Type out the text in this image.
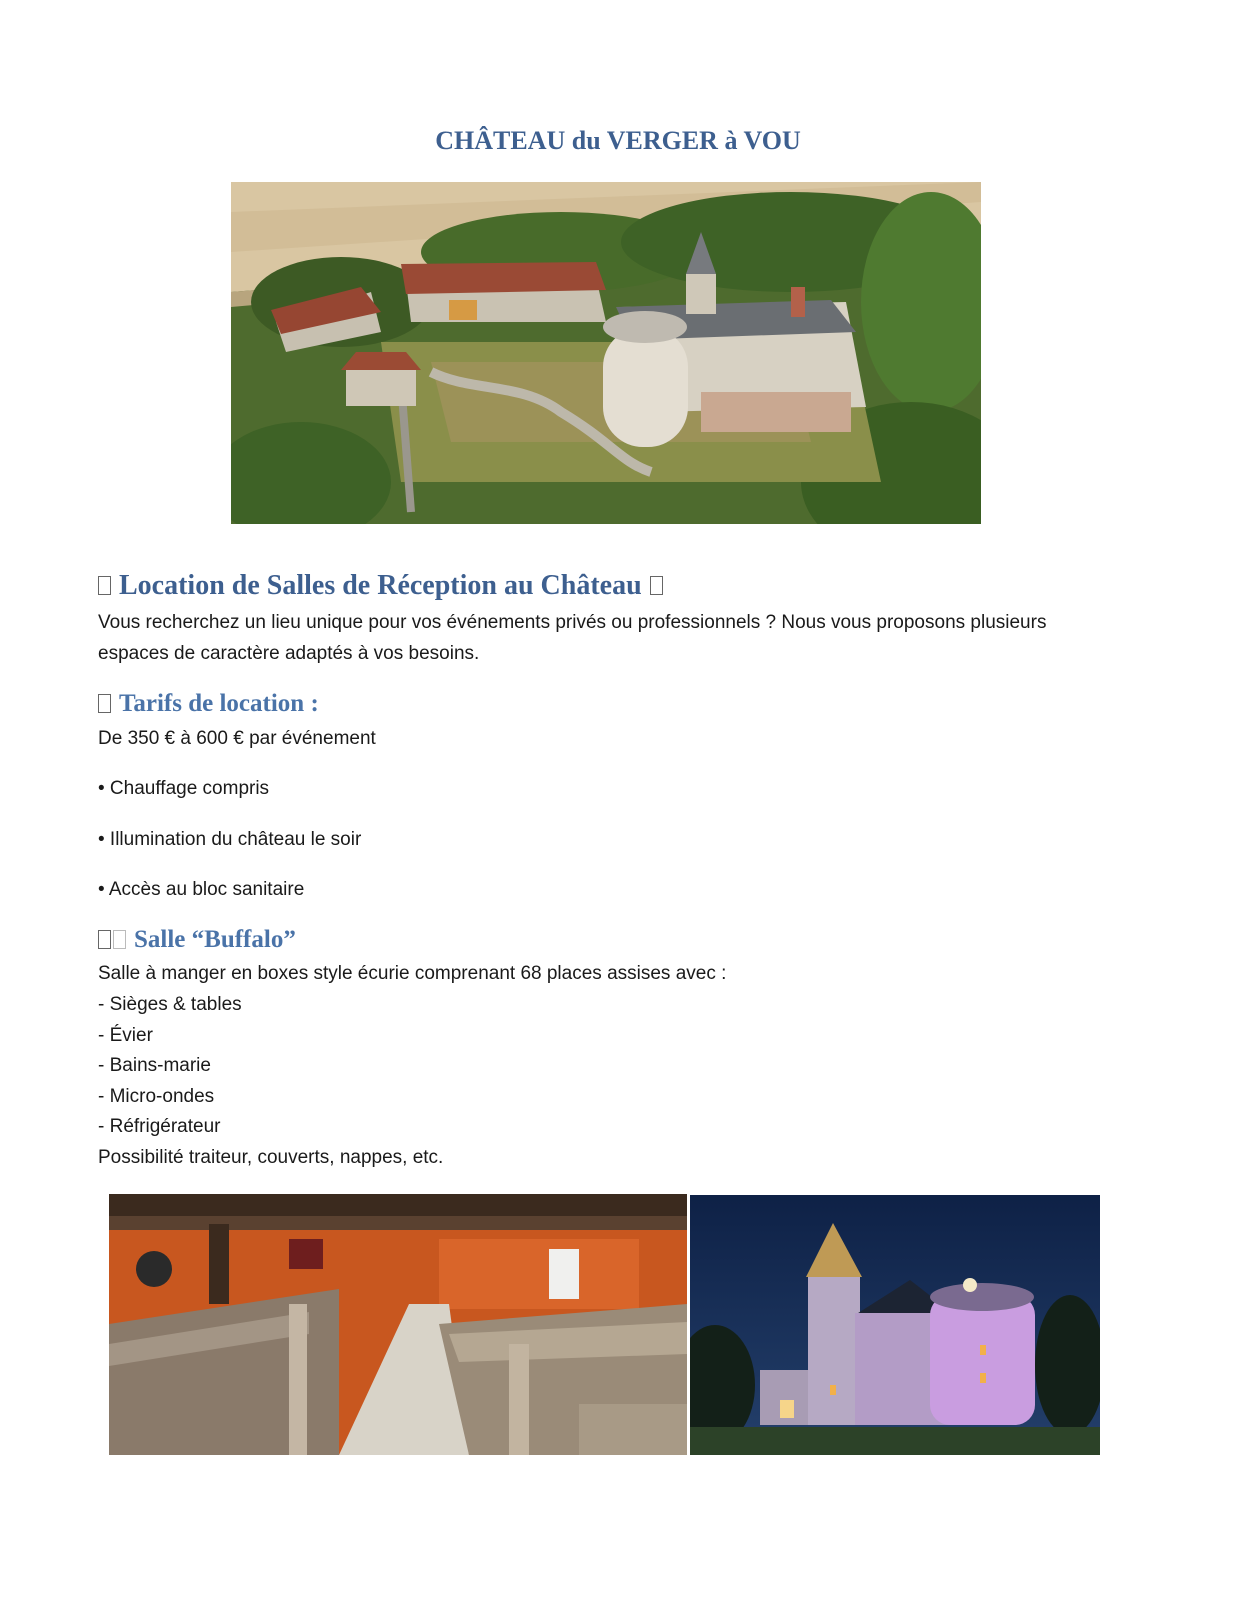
CHÂTEAU du VERGER à VOU
Location de Salles de Réception au Château

Vous recherchez un lieu unique pour vos événements privés ou professionnels ? Nous vous proposons plusieurs espaces de caractère adaptés à vos besoins.

Tarifs de location :

De 350 € à 600 € par événement

• Chauffage compris

• Illumination du château le soir

• Accès au bloc sanitaire

Salle “Buffalo”

Salle à manger en boxes style écurie comprenant 68 places assises avec :

- Sièges & tables

- Évier

- Bains-marie

- Micro-ondes

- Réfrigérateur

Possibilité traiteur, couverts, nappes, etc.
